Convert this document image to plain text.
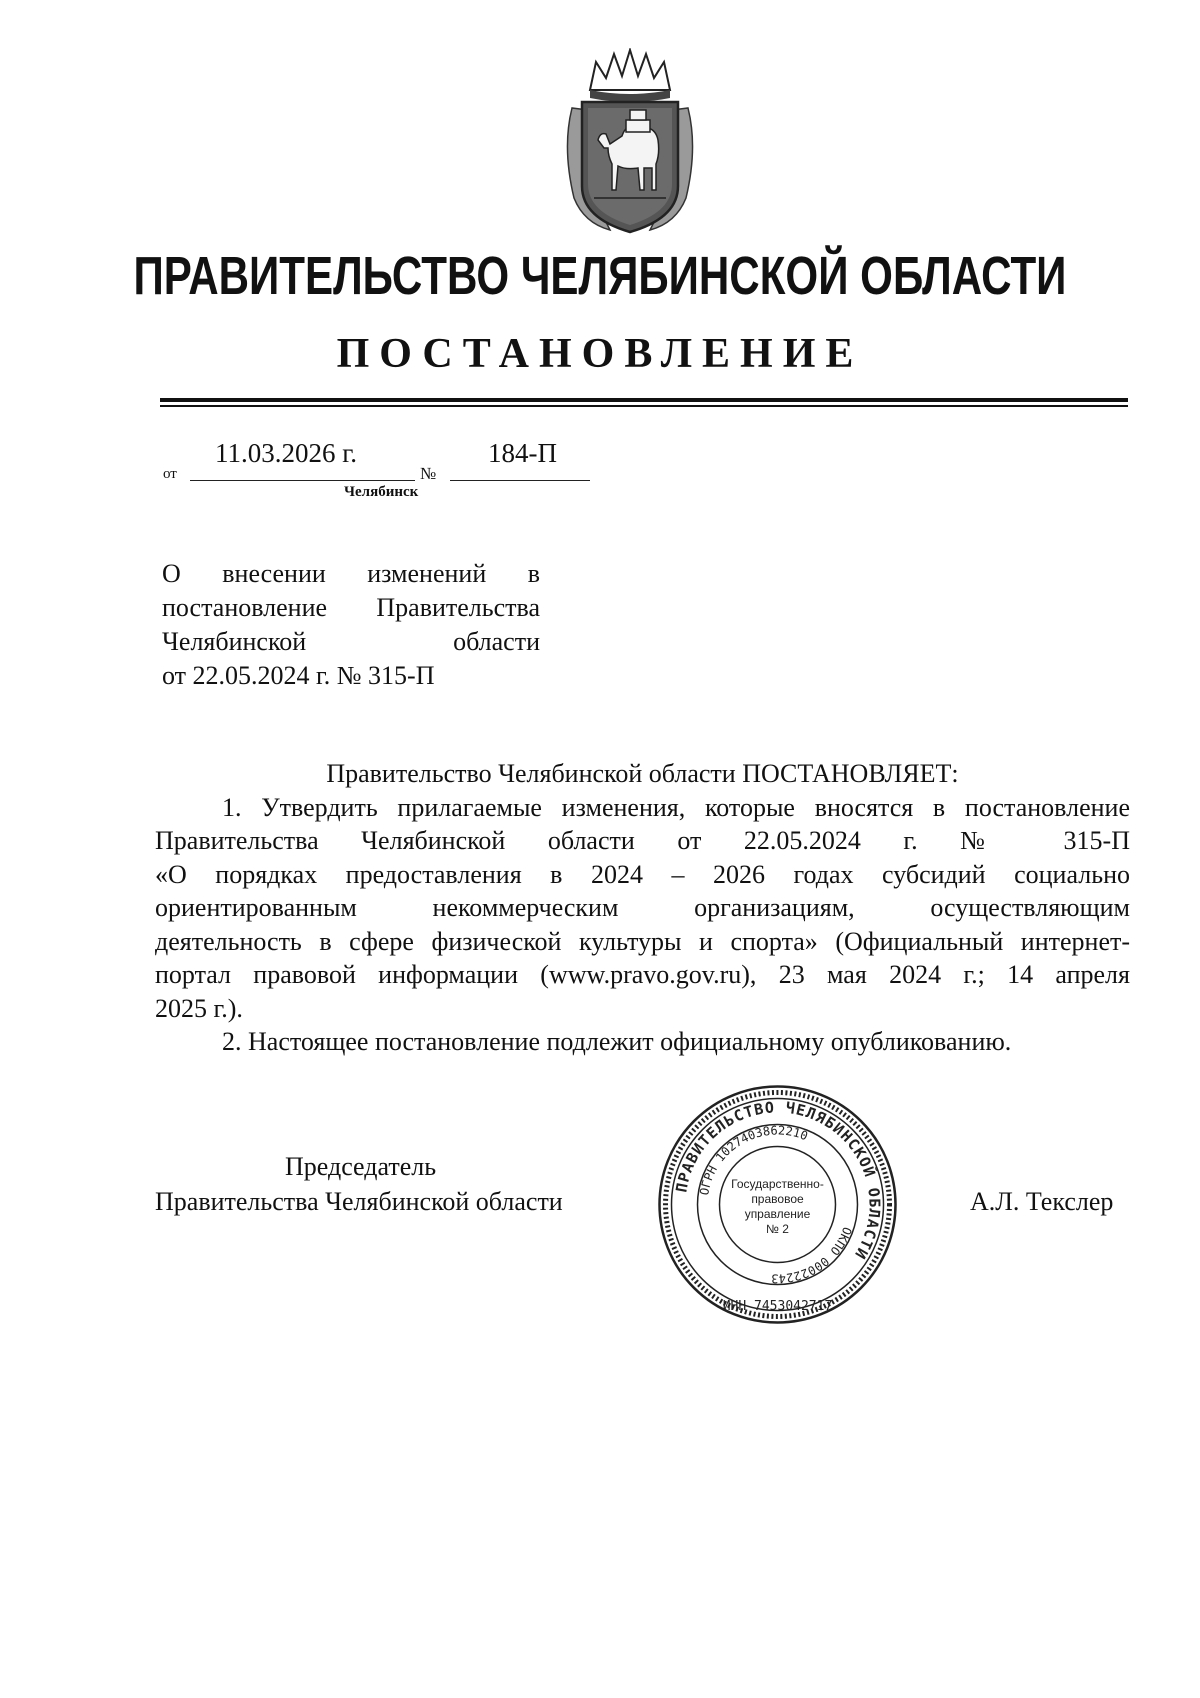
ПРАВИТЕЛЬСТВО ЧЕЛЯБИНСКОЙ ОБЛАСТИ
ПОСТАНОВЛЕНИЕ
от
11.03.2026 г.
№
184-П
Челябинск
О внесении изменений в
постановление Правительства
Челябинской области
от 22.05.2024 г. № 315-П
Правительство Челябинской области ПОСТАНОВЛЯЕТ:
1. Утвердить прилагаемые изменения, которые вносятся в постановление
Правительства Челябинской области от 22.05.2024 г. № 315-П
«О порядках предоставления в 2024 – 2026 годах субсидий социально
ориентированным некоммерческим организациям, осуществляющим
деятельность в сфере физической культуры и спорта» (Официальный интернет-
портал правовой информации (www.pravo.gov.ru), 23 мая 2024 г.; 14 апреля
2025 г.).
2. Настоящее постановление подлежит официальному опубликованию.
Председатель
Правительства Челябинской области	А.Л. Текслер
ПРАВИТЕЛЬСТВО ЧЕЛЯБИНСКОЙ ОБЛАСТИ
ОГРН 1027403862210
ОКПО 00022243
ИНН 7453042717
Государственно-
правовое
управление
№ 2
